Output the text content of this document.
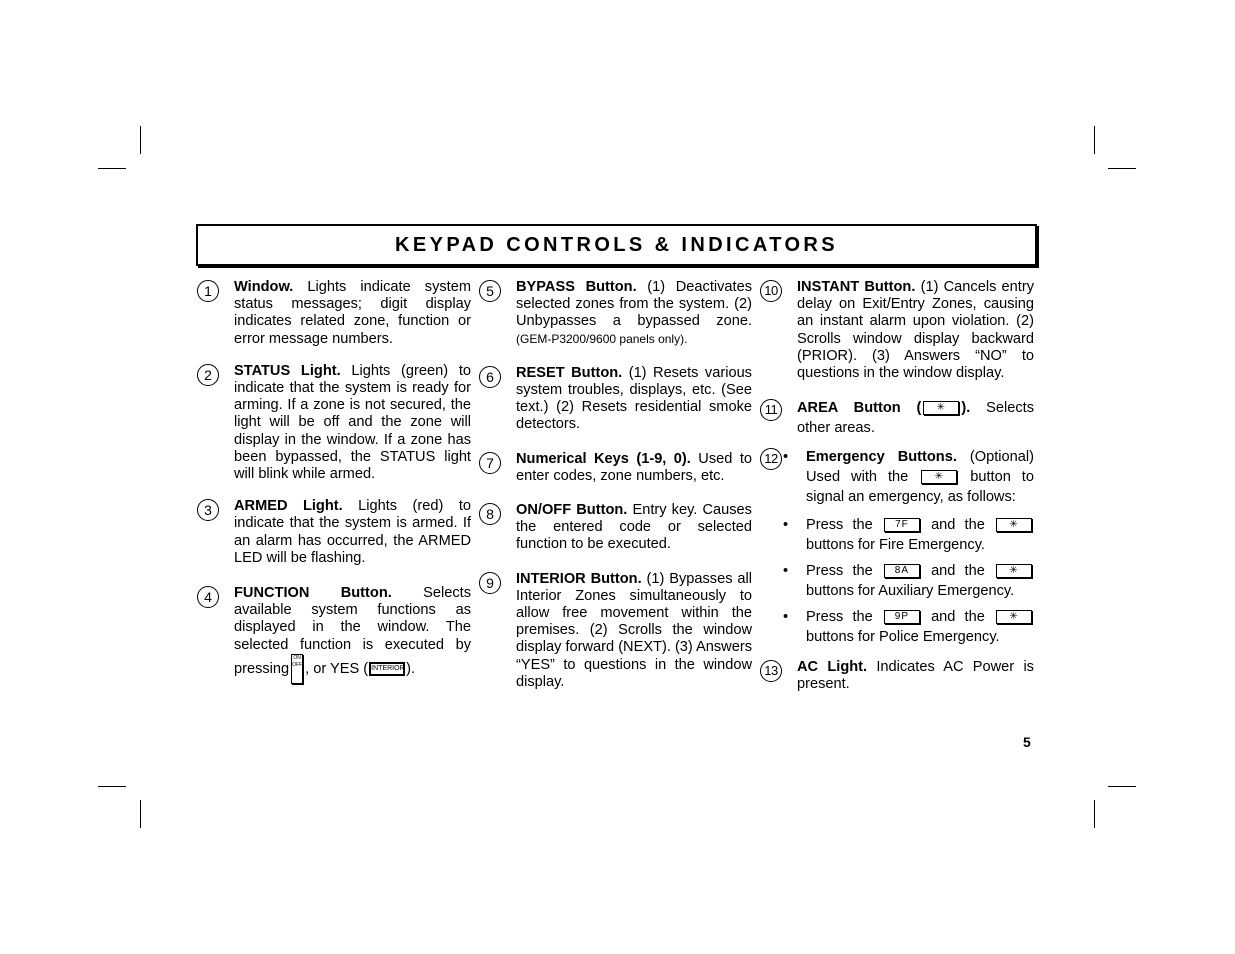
KEYPAD CONTROLS & INDICATORS
1	Window. Lights indicate system status messages; digit display indicates related zone, function or error message numbers.
2	STATUS Light. Lights (green) to indicate that the system is ready for arming. If a zone is not secured, the light will be off and the zone will display in the window. If a zone has been bypassed, the STATUS light will blink while armed.
3	ARMED Light. Lights (red) to indicate that the system is armed. If an alarm has occurred, the ARMED LED will be flashing.
4	FUNCTION Button. Selects available system functions as displayed in the window. The selected function is executed by pressingON OFF , or YES ( INTERIOR ).
5	BYPASS Button. (1) Deactivates selected zones from the system. (2) Unbypasses a bypassed zone. (GEM-P3200/9600 panels only).
6	RESET Button. (1) Resets various system troubles, displays, etc. (See text.) (2) Resets residential smoke detectors.
7	Numerical Keys (1-9, 0). Used to enter codes, zone numbers, etc.
8	ON/OFF Button. Entry key. Causes the entered code or selected function to be executed.
9	INTERIOR Button. (1) Bypasses all Interior Zones simultaneously to allow free movement within the premises. (2) Scrolls the window display forward (NEXT). (3) Answers “YES” to questions in the window display.
10 INSTANT Button. (1) Cancels entry delay on Exit/Entry Zones, causing an instant alarm upon violation. (2) Scrolls window display backward (PRIOR). (3) Answers “NO” to questions in the window display.
11	AREA Button ( ✳ ). Selects other areas.
12 • Emergency Buttons. (Optional) Used with the	✳ button to signal an emergency, as follows:
• Press the 7F and the ✳ buttons for Fire Emergency.
• Press the 8A and the ✳ buttons for Auxiliary Emergency.
• Press the 9P and the ✳ buttons for Police Emergency.
13 AC Light. Indicates AC Power is present.
5
